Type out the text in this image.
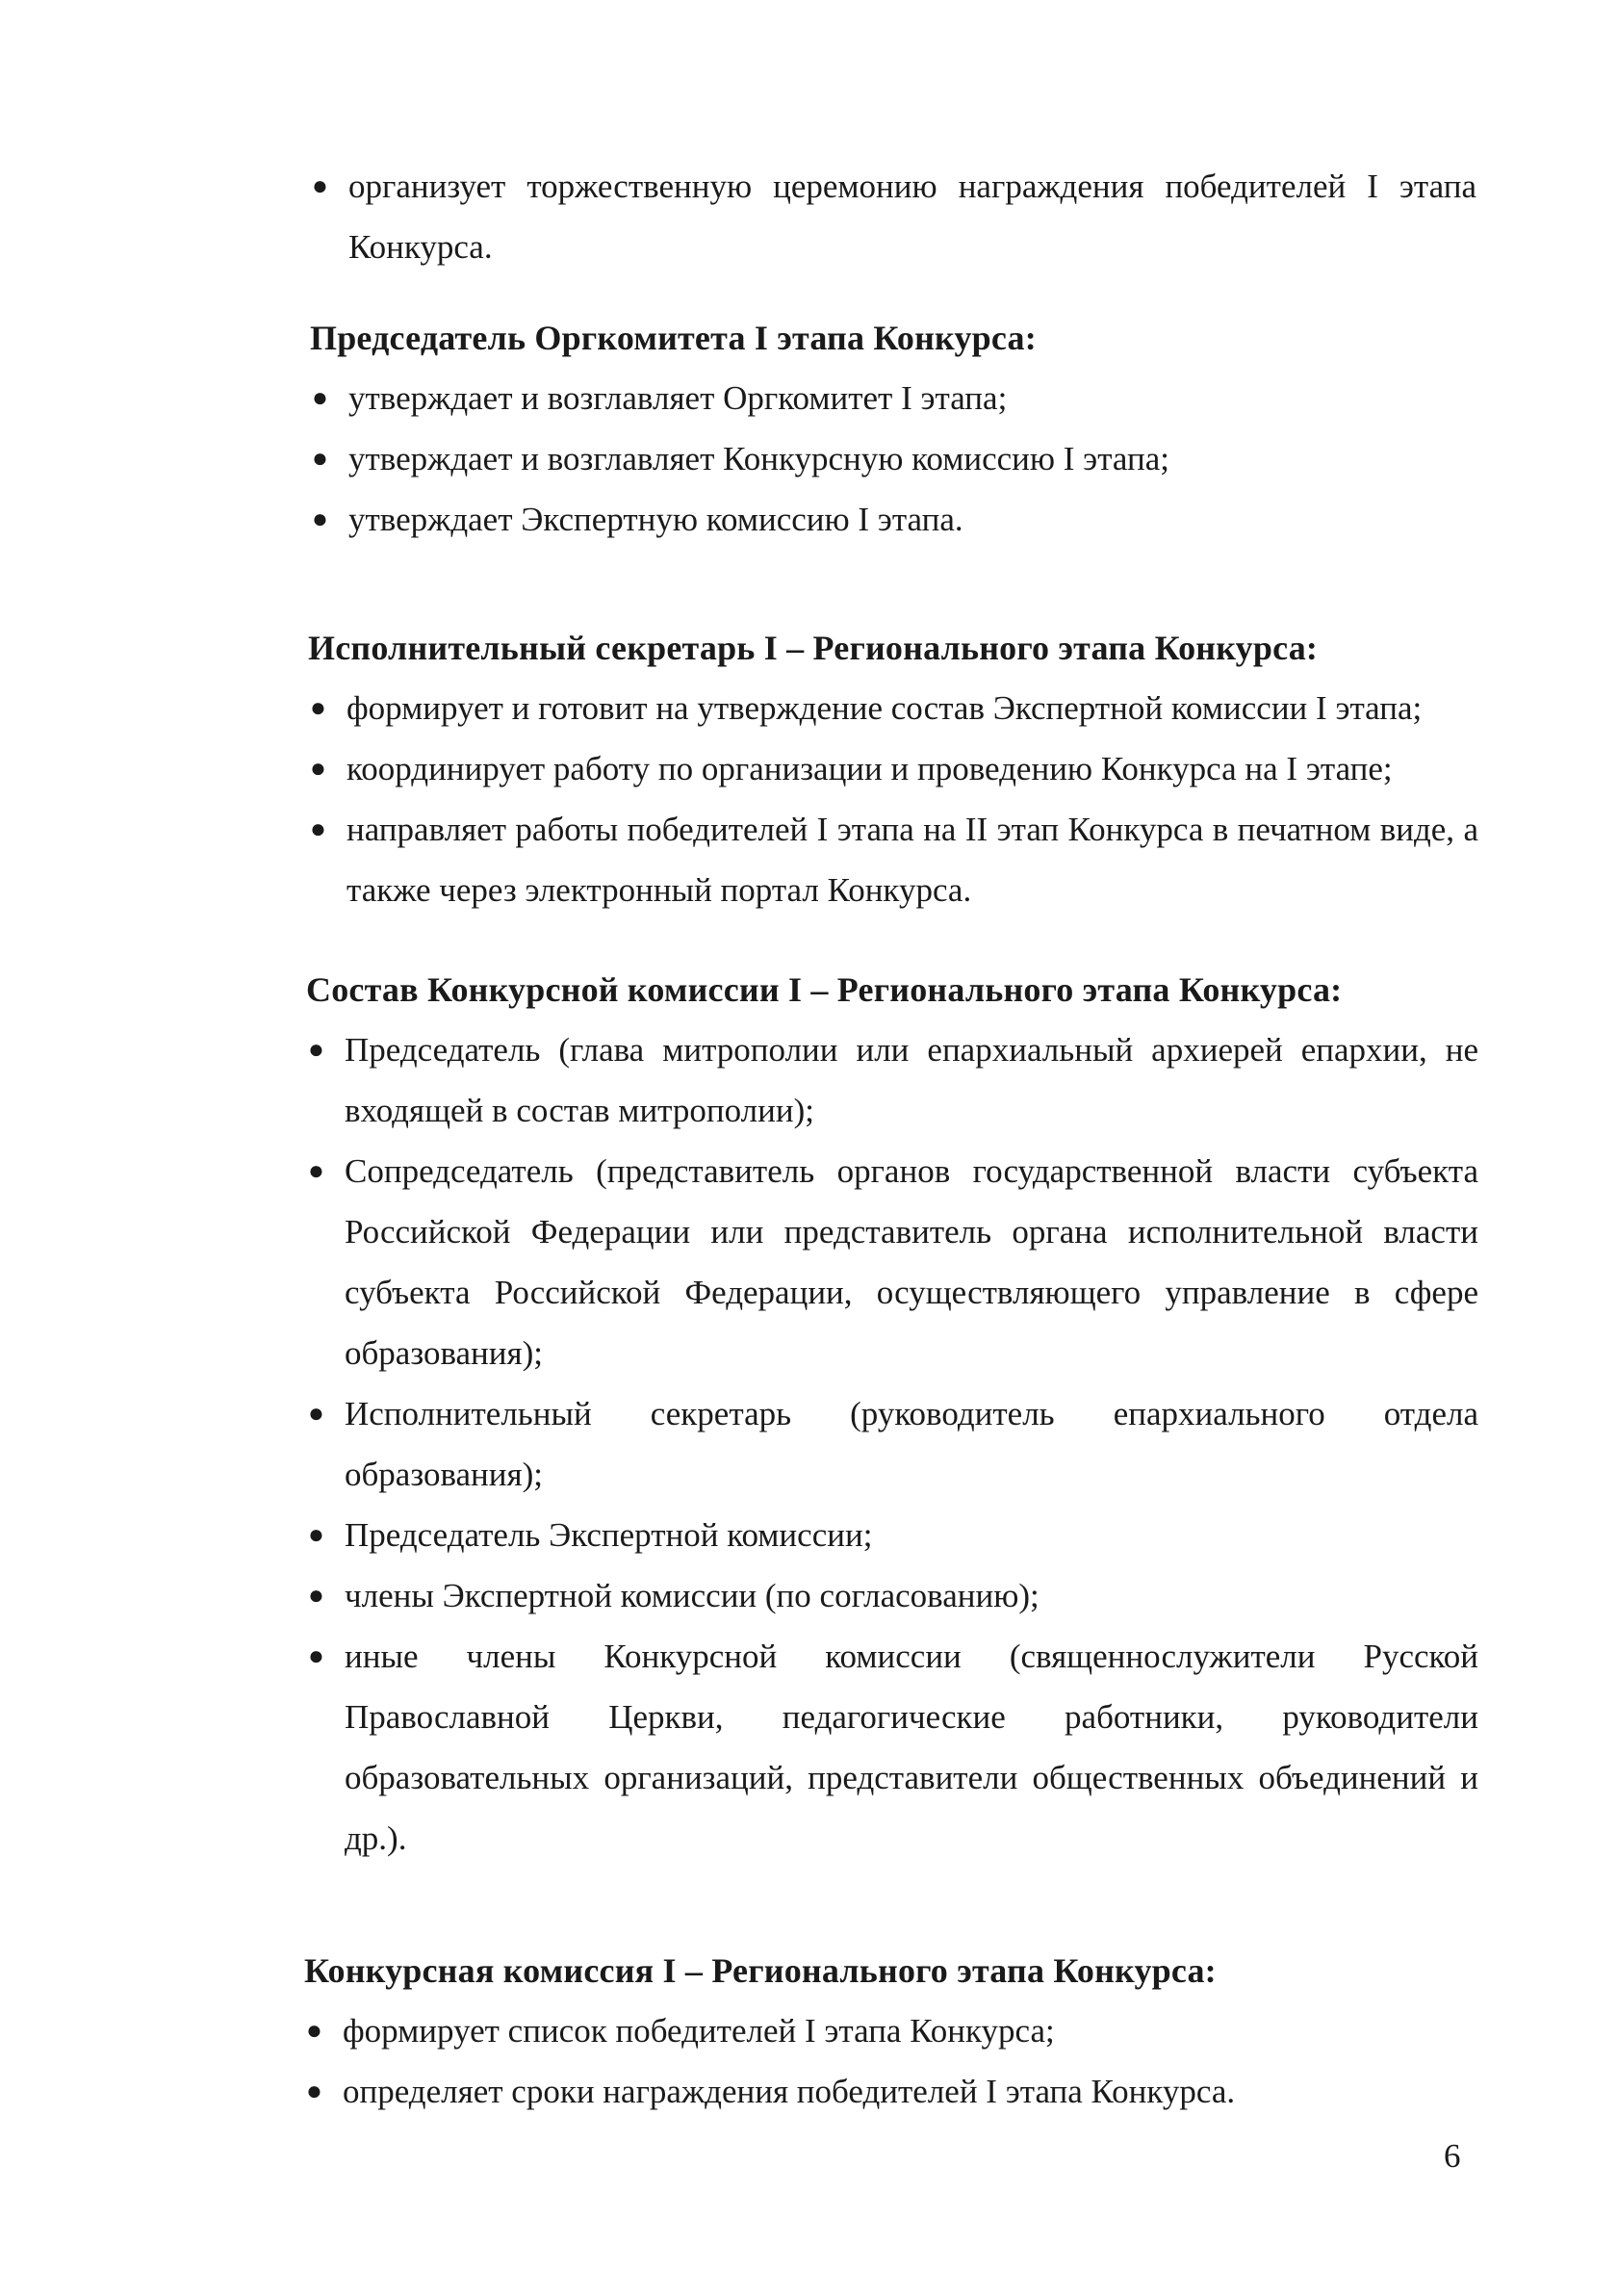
● организует торжественную церемонию награждения победителей I этапа Конкурса.
Председатель Оргкомитета I этапа Конкурса:
● утверждает и возглавляет Оргкомитет I этапа;
● утверждает и возглавляет Конкурсную комиссию I этапа;
● утверждает Экспертную комиссию I этапа.
Исполнительный секретарь I – Регионального этапа Конкурса:
● формирует и готовит на утверждение состав Экспертной комиссии I этапа;
● координирует работу по организации и проведению Конкурса на I этапе;
● направляет работы победителей I этапа на II этап Конкурса в печатном виде, а также через электронный портал Конкурса.
Состав Конкурсной комиссии I – Регионального этапа Конкурса:
● Председатель (глава митрополии или епархиальный архиерей епархии, не входящей в состав митрополии);
● Сопредседатель (представитель органов государственной власти субъекта Российской Федерации или представитель органа исполнительной власти субъекта Российской Федерации, осуществляющего управление в сфере образования);
● Исполнительный секретарь (руководитель епархиального отдела образования);
● Председатель Экспертной комиссии;
● члены Экспертной комиссии (по согласованию);
● иные члены Конкурсной комиссии (священнослужители Русской Православной Церкви, педагогические работники, руководители образовательных организаций, представители общественных объединений и др.).
Конкурсная комиссия I – Регионального этапа Конкурса:
● формирует список победителей I этапа Конкурса;
● определяет сроки награждения победителей I этапа Конкурса.
6
